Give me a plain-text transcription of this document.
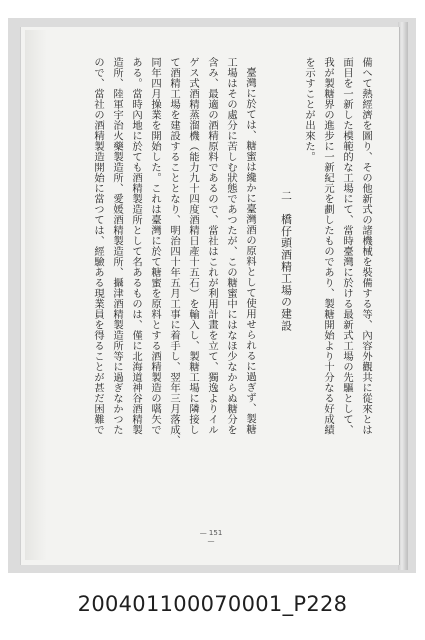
備へて熱經濟を圖り、その他新式の諸機械を裝備する等、內容外觀共に從來とは
面目を一新した模範的な工場にて、當時臺灣に於ける最新式工場の先驅として、
我が製糖界の進步に一新紀元を劃したものであり、製糖開始より十分なる好成績
を示すことが出來た。
二　橋仔頭酒精工場の建設
臺灣に於ては、糖蜜は纔かに臺灣酒の原料として使用せられるに過ぎず、製糖
工場はその處分に苦しむ狀態であつたが、この糖蜜中にはなほ少なからぬ糖分を
含み、最適の酒精原料であるので、當社はこれが利用計畫を立て、獨逸よりイル
ゲス式酒精蒸溜機（能力九十四度酒精日產十五石）を輸入し、製糖工場に隣接し
て酒精工場を建設することとなり、明治四十年五月工事に着手し、翌年三月落成、
同年四月操業を開始した。これは臺灣に於て糖蜜を原料とする酒精製造の嚆矢で
ある。當時內地に於ても酒精製造所として名あるものは、僅に北海道神谷酒精製
造所、陸軍宇治火藥製造所、愛媛酒精製造所、攝津酒精製造所等に過ぎなかつた
ので、當社の酒精製造開始に當つては、經驗ある現業員を得ることが甚だ困難で
— 151 —
200401100070001_P228
